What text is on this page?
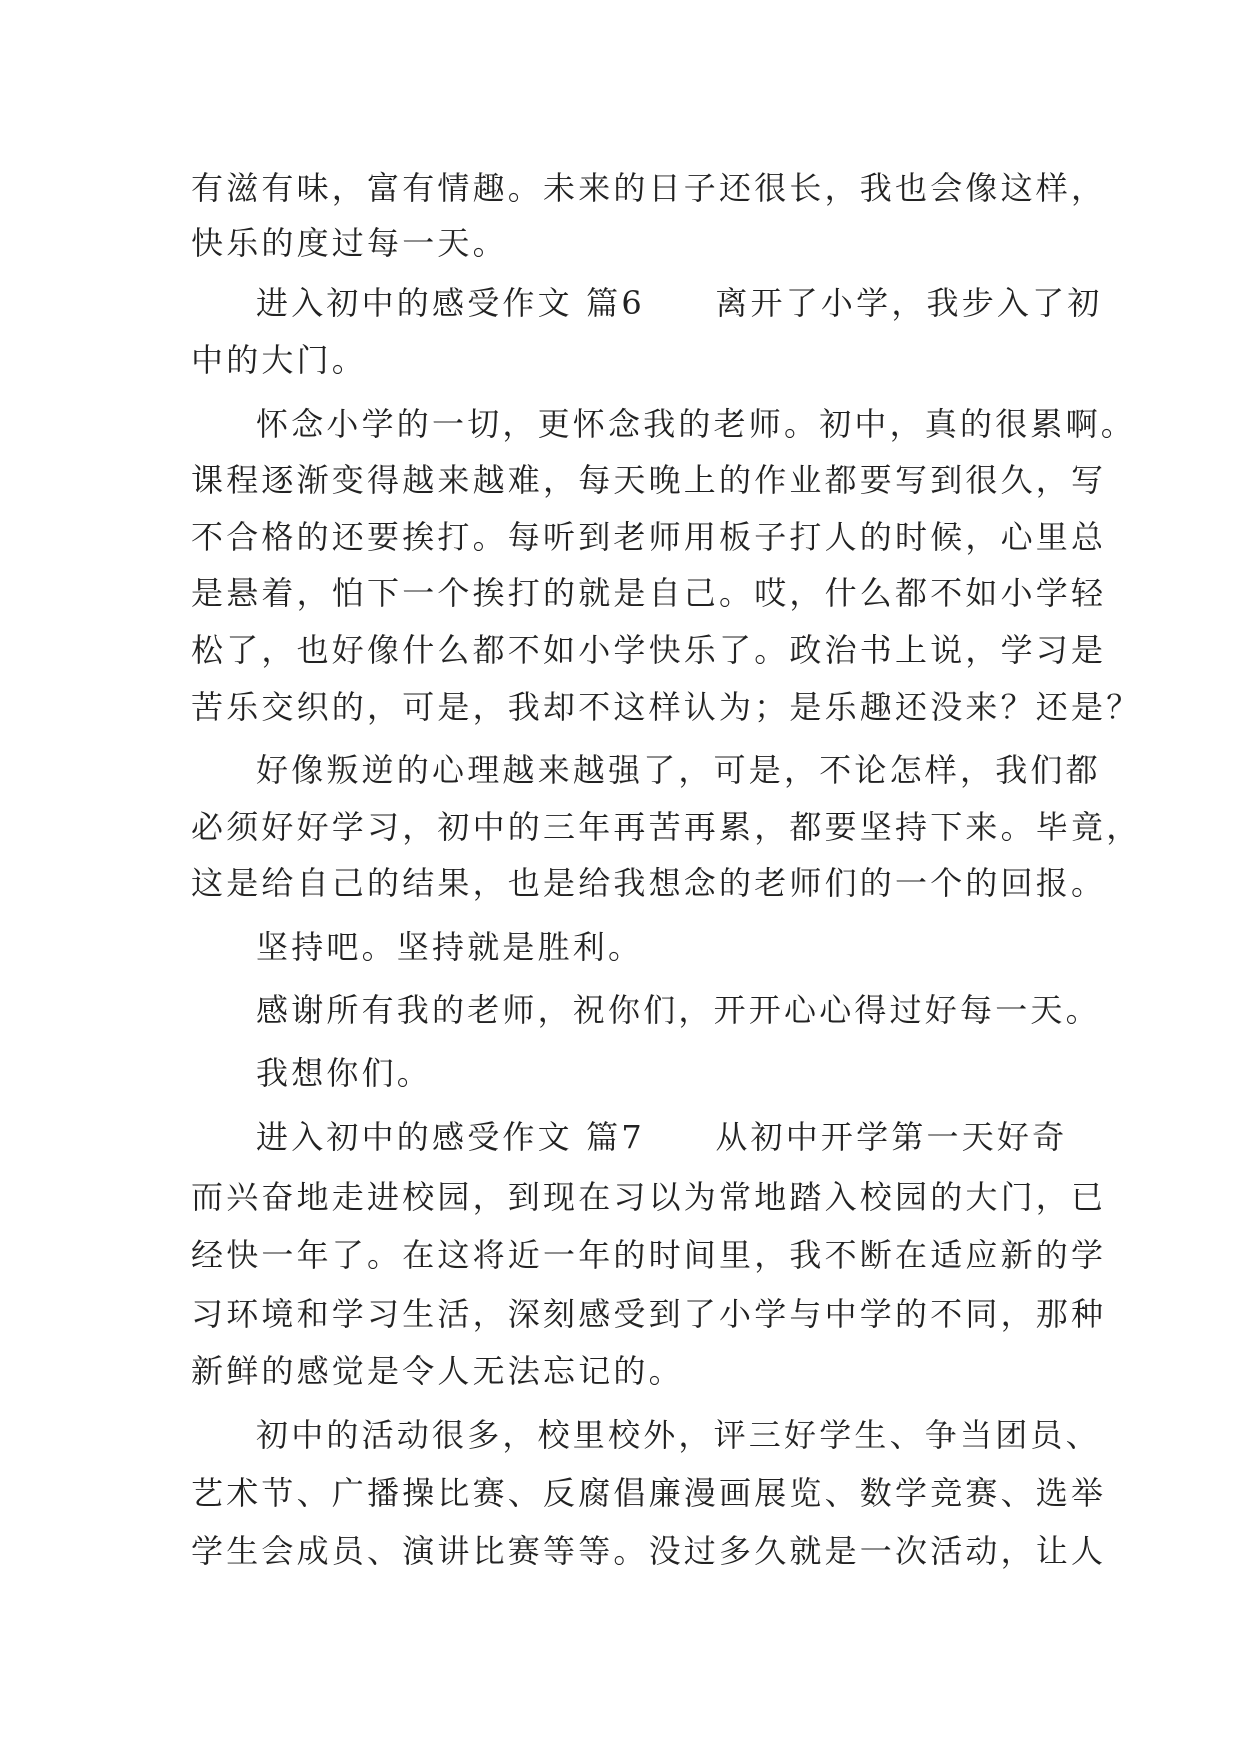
有滋有味，富有情趣。未来的日子还很长，我也会像这样，
快乐的度过每一天。
进入初中的感受作文 篇6　　离开了小学，我步入了初
中的大门。
怀念小学的一切，更怀念我的老师。初中，真的很累啊。
课程逐渐变得越来越难，每天晚上的作业都要写到很久，写
不合格的还要挨打。每听到老师用板子打人的时候，心里总
是悬着，怕下一个挨打的就是自己。哎，什么都不如小学轻
松了，也好像什么都不如小学快乐了。政治书上说，学习是
苦乐交织的，可是，我却不这样认为；是乐趣还没来？还是？
好像叛逆的心理越来越强了，可是，不论怎样，我们都
必须好好学习，初中的三年再苦再累，都要坚持下来。毕竟，
这是给自己的结果，也是给我想念的老师们的一个的回报。
坚持吧。坚持就是胜利。
感谢所有我的老师，祝你们，开开心心得过好每一天。
我想你们。
进入初中的感受作文 篇7　　从初中开学第一天好奇
而兴奋地走进校园，到现在习以为常地踏入校园的大门，已
经快一年了。在这将近一年的时间里，我不断在适应新的学
习环境和学习生活，深刻感受到了小学与中学的不同，那种
新鲜的感觉是令人无法忘记的。
初中的活动很多，校里校外，评三好学生、争当团员、
艺术节、广播操比赛、反腐倡廉漫画展览、数学竞赛、选举
学生会成员、演讲比赛等等。没过多久就是一次活动，让人
